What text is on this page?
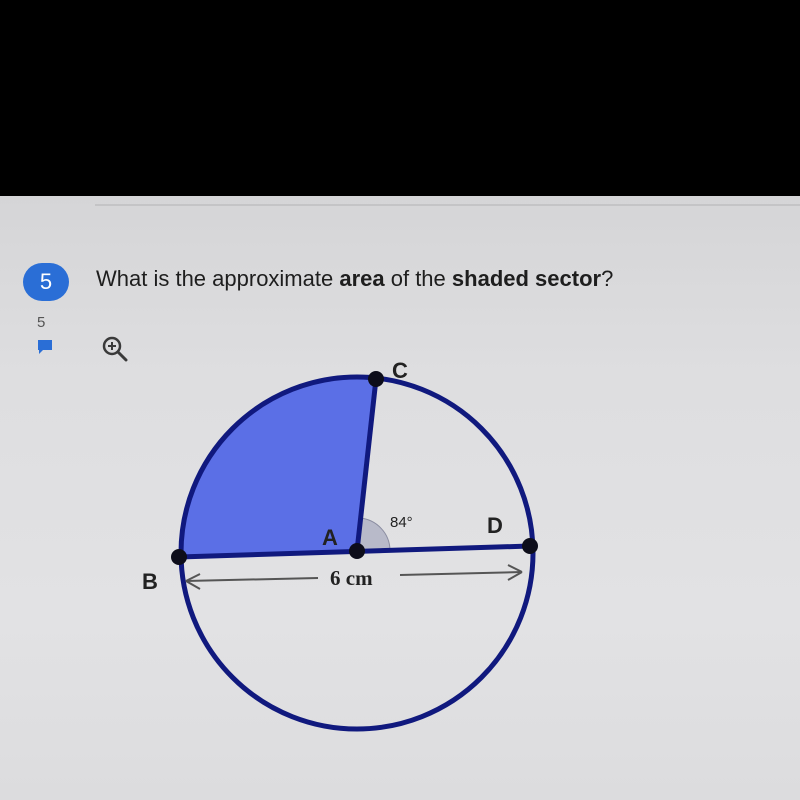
5
5
What is the approximate area of the shaded sector?
C
A	D
B
84°
6 cm
